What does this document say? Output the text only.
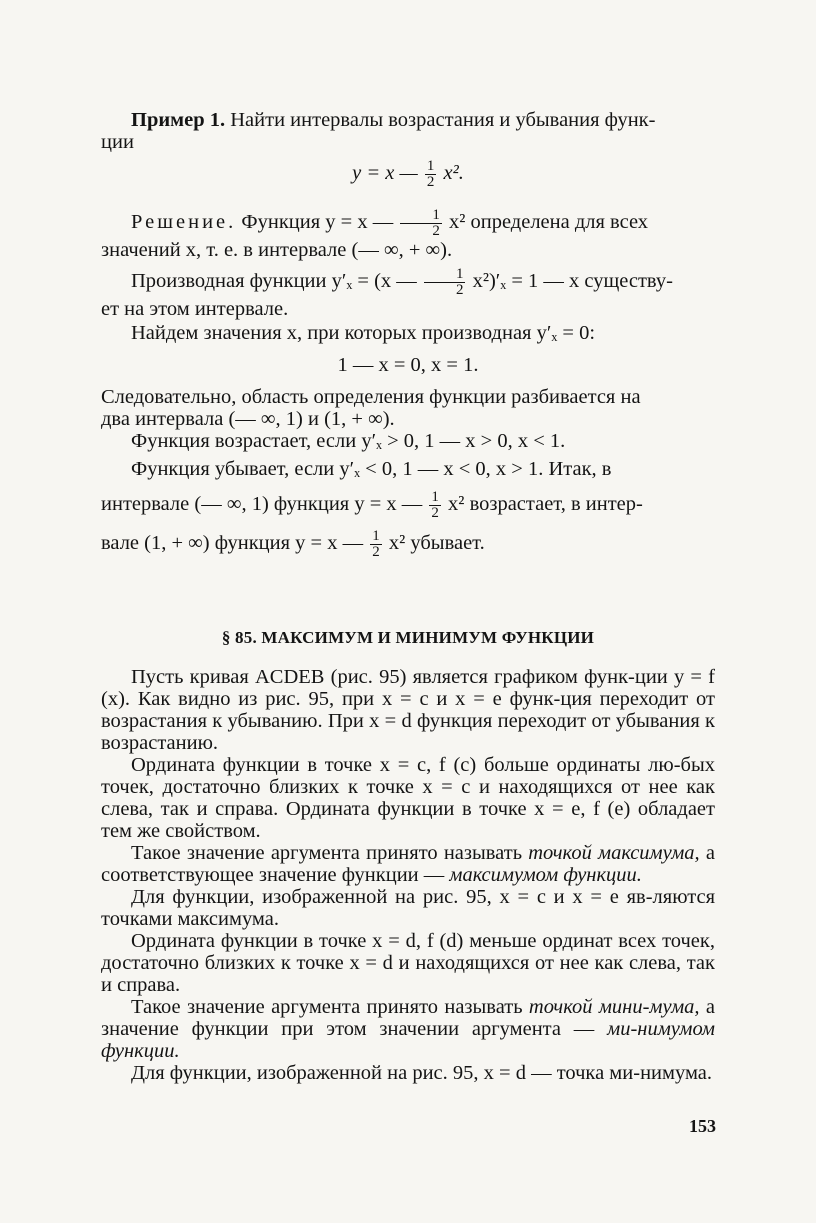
Пример 1. Найти интервалы возрастания и убывания функ-

ции

y = x — $\frac{1}{2} x^2$.

Решение. Функция y = x — $\frac{1}{2} x^2$ определена для всех

значений x, т. е. в интервале (— ∞, + ∞).

Производная функции y′ₓ = (x — $\frac{1}{2} x^2)'_x = 1$ — x существу-

ет на этом интервале.

Найдем значения x, при которых производная y′ₓ = 0:

1 — x = 0, x = 1.

Следовательно, область определения функции разбивается на

два интервала (— ∞, 1) и (1, + ∞).

Функция возрастает, если y′ₓ > 0, 1 — x > 0, x < 1.

Функция убывает, если y′ₓ < 0, 1 — x < 0, x > 1. Итак, в

интервале (— ∞, 1) функция y = x — $\frac{1}{2} x^2$ возрастает, в интер-

вале (1, + ∞) функция y = x — $\frac{1}{2} x^2$ убывает.

§ 85. МАКСИМУМ И МИНИМУМ ФУНКЦИИ

Пусть кривая ACDEB (рис. 95) является графиком функ-ции y = f (x). Как видно из рис. 95, при x = c и x = e функ-ция переходит от возрастания к убыванию. При x = d функция переходит от убывания к возрастанию.

Ордината функции в точке x = c, f (c) больше ординаты лю-бых точек, достаточно близких к точке x = c и находящихся от нее как слева, так и справа. Ордината функции в точке x = e, f (e) обладает тем же свойством.

Такое значение аргумента принято называть точкой максимума, а соответствующее значение функции — максимумом функции.

Для функции, изображенной на рис. 95, x = c и x = e яв-ляются точками максимума.

Ордината функции в точке x = d, f (d) меньше ординат всех точек, достаточно близких к точке x = d и находящихся от нее как слева, так и справа.

Такое значение аргумента принято называть точкой мини-мума, а значение функции при этом значении аргумента — ми-нимумом функции.

Для функции, изображенной на рис. 95, x = d — точка ми-нимума.

153
